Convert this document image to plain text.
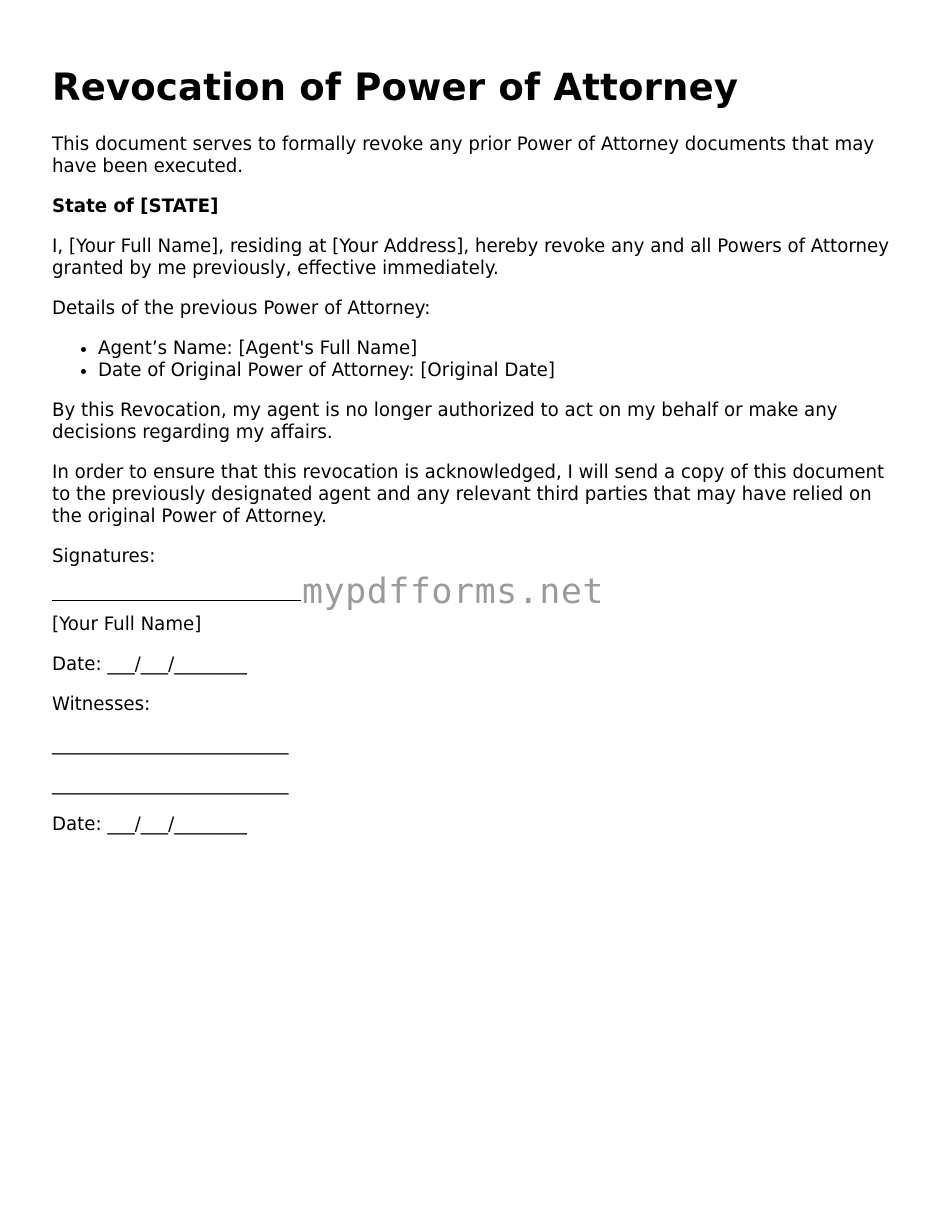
Revocation of Power of Attorney

This document serves to formally revoke any prior Power of Attorney documents that may have been executed.

State of [STATE]

I, [Your Full Name], residing at [Your Address], hereby revoke any and all Powers of Attorney granted by me previously, effective immediately.

Details of the previous Power of Attorney:

• Agent’s Name: [Agent's Full Name]
• Date of Original Power of Attorney: [Original Date]

By this Revocation, my agent is no longer authorized to act on my behalf or make any decisions regarding my affairs.

In order to ensure that this revocation is acknowledged, I will send a copy of this document to the previously designated agent and any relevant third parties that may have relied on the original Power of Attorney.

Signatures:

mypdfforms.net

[Your Full Name]

Date: ___/___/________

Witnesses:

__________________________

__________________________

Date: ___/___/________
